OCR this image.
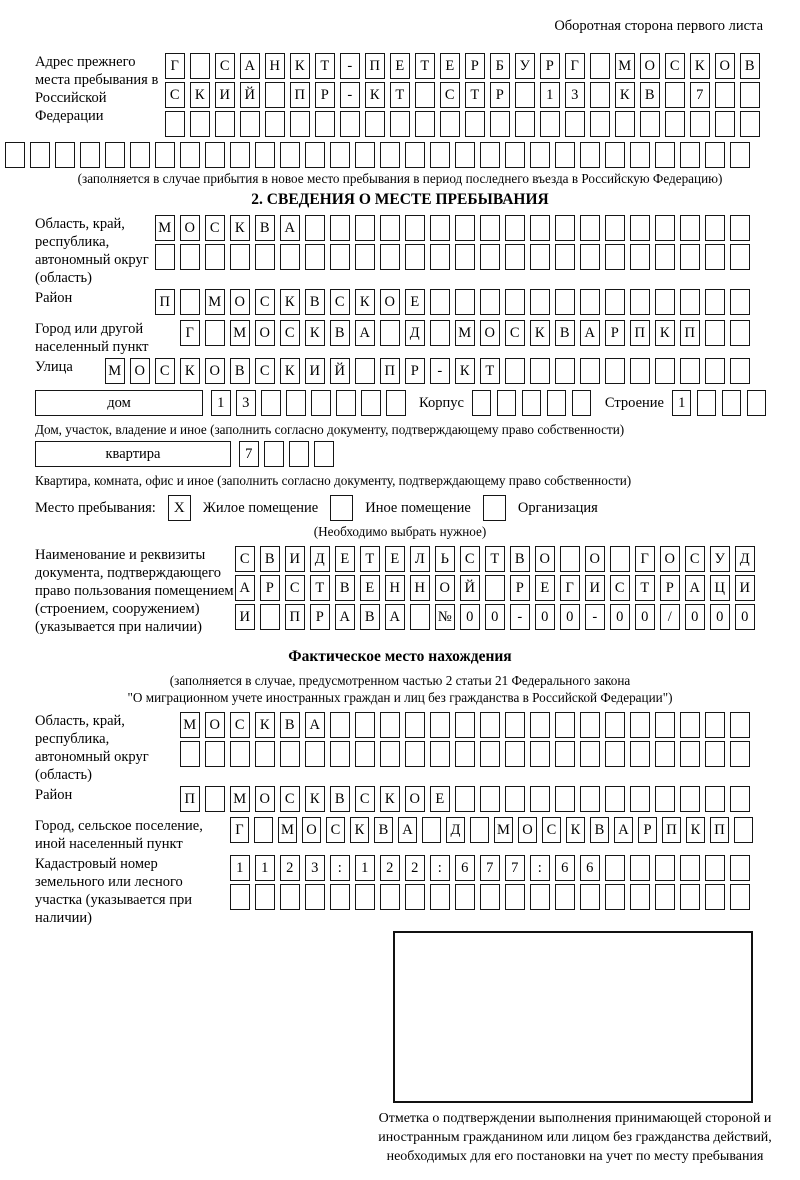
Оборотная сторона первого листа
Адрес прежнего места пребывания в Российской Федерации
Г	С	А	Н	К	Т	-	П	Е	Т	Е	Р	Б	У	Р	Г	М О	С	К	О	В
С	К	И	Й	П	Р	-	К	Т	С	Т	Р	1	3	К	В	7
(заполняется в случае прибытия в новое место пребывания в период последнего въезда в Российскую Федерацию)
2. СВЕДЕНИЯ О МЕСТЕ ПРЕБЫВАНИЯ
Область, край, республика, автономный округ (область)
М О	С	К	В	А
Район	П	М О	С	К	В	С	К	О	Е
Город или другой населенный пункт
Г	М О	С	К	В	А	Д	М О	С	К	В	А	Р	П	К	П
Улица	М О	С	К	О	В	С	К	И	Й	П	Р	-	К	Т
дом	1	3	Корпус	Строение 1
Дом, участок, владение и иное (заполнить согласно документу, подтверждающему право собственности)
квартира	7
Квартира, комната, офис и иное (заполнить согласно документу, подтверждающему право собственности)
Место пребывания:	X	Жилое помещение	Иное помещение	Организация
(Необходимо выбрать нужное)
Наименование и реквизиты документа, подтверждающего право пользования помещением (строением, сооружением) (указывается при наличии)
С	В	И	Д	Е	Т	Е	Л	Ь	С	Т	В	О	О	Г	О	С	У	Д
А	Р	С	Т	В	Е	Н	Н	О	Й	Р	Е	Г	И	С	Т	Р	А	Ц	И
И	П	Р	А	В	А	№ 0	0	-	0	0	-	0	0	/	0	0	0
Фактическое место нахождения
(заполняется в случае, предусмотренном частью 2 статьи 21 Федерального закона
"О миграционном учете иностранных граждан и лиц без гражданства в Российской Федерации")
Область, край, республика, автономный округ (область)
М О	С	К	В	А
Район	П	М О	С	К	В	С	К	О	Е
Город, сельское поселение, иной населенный пункт
Г	М О С К В А	Д	М О С К В А	Р	П К П
Кадастровый номер земельного или лесного участка (указывается при наличии)
1	1	2	3	:	1	2	2	:	6	7	7	:	6	6
Отметка о подтверждении выполнения принимающей стороной и иностранным гражданином или лицом без гражданства действий, необходимых для его постановки на учет по месту пребывания
